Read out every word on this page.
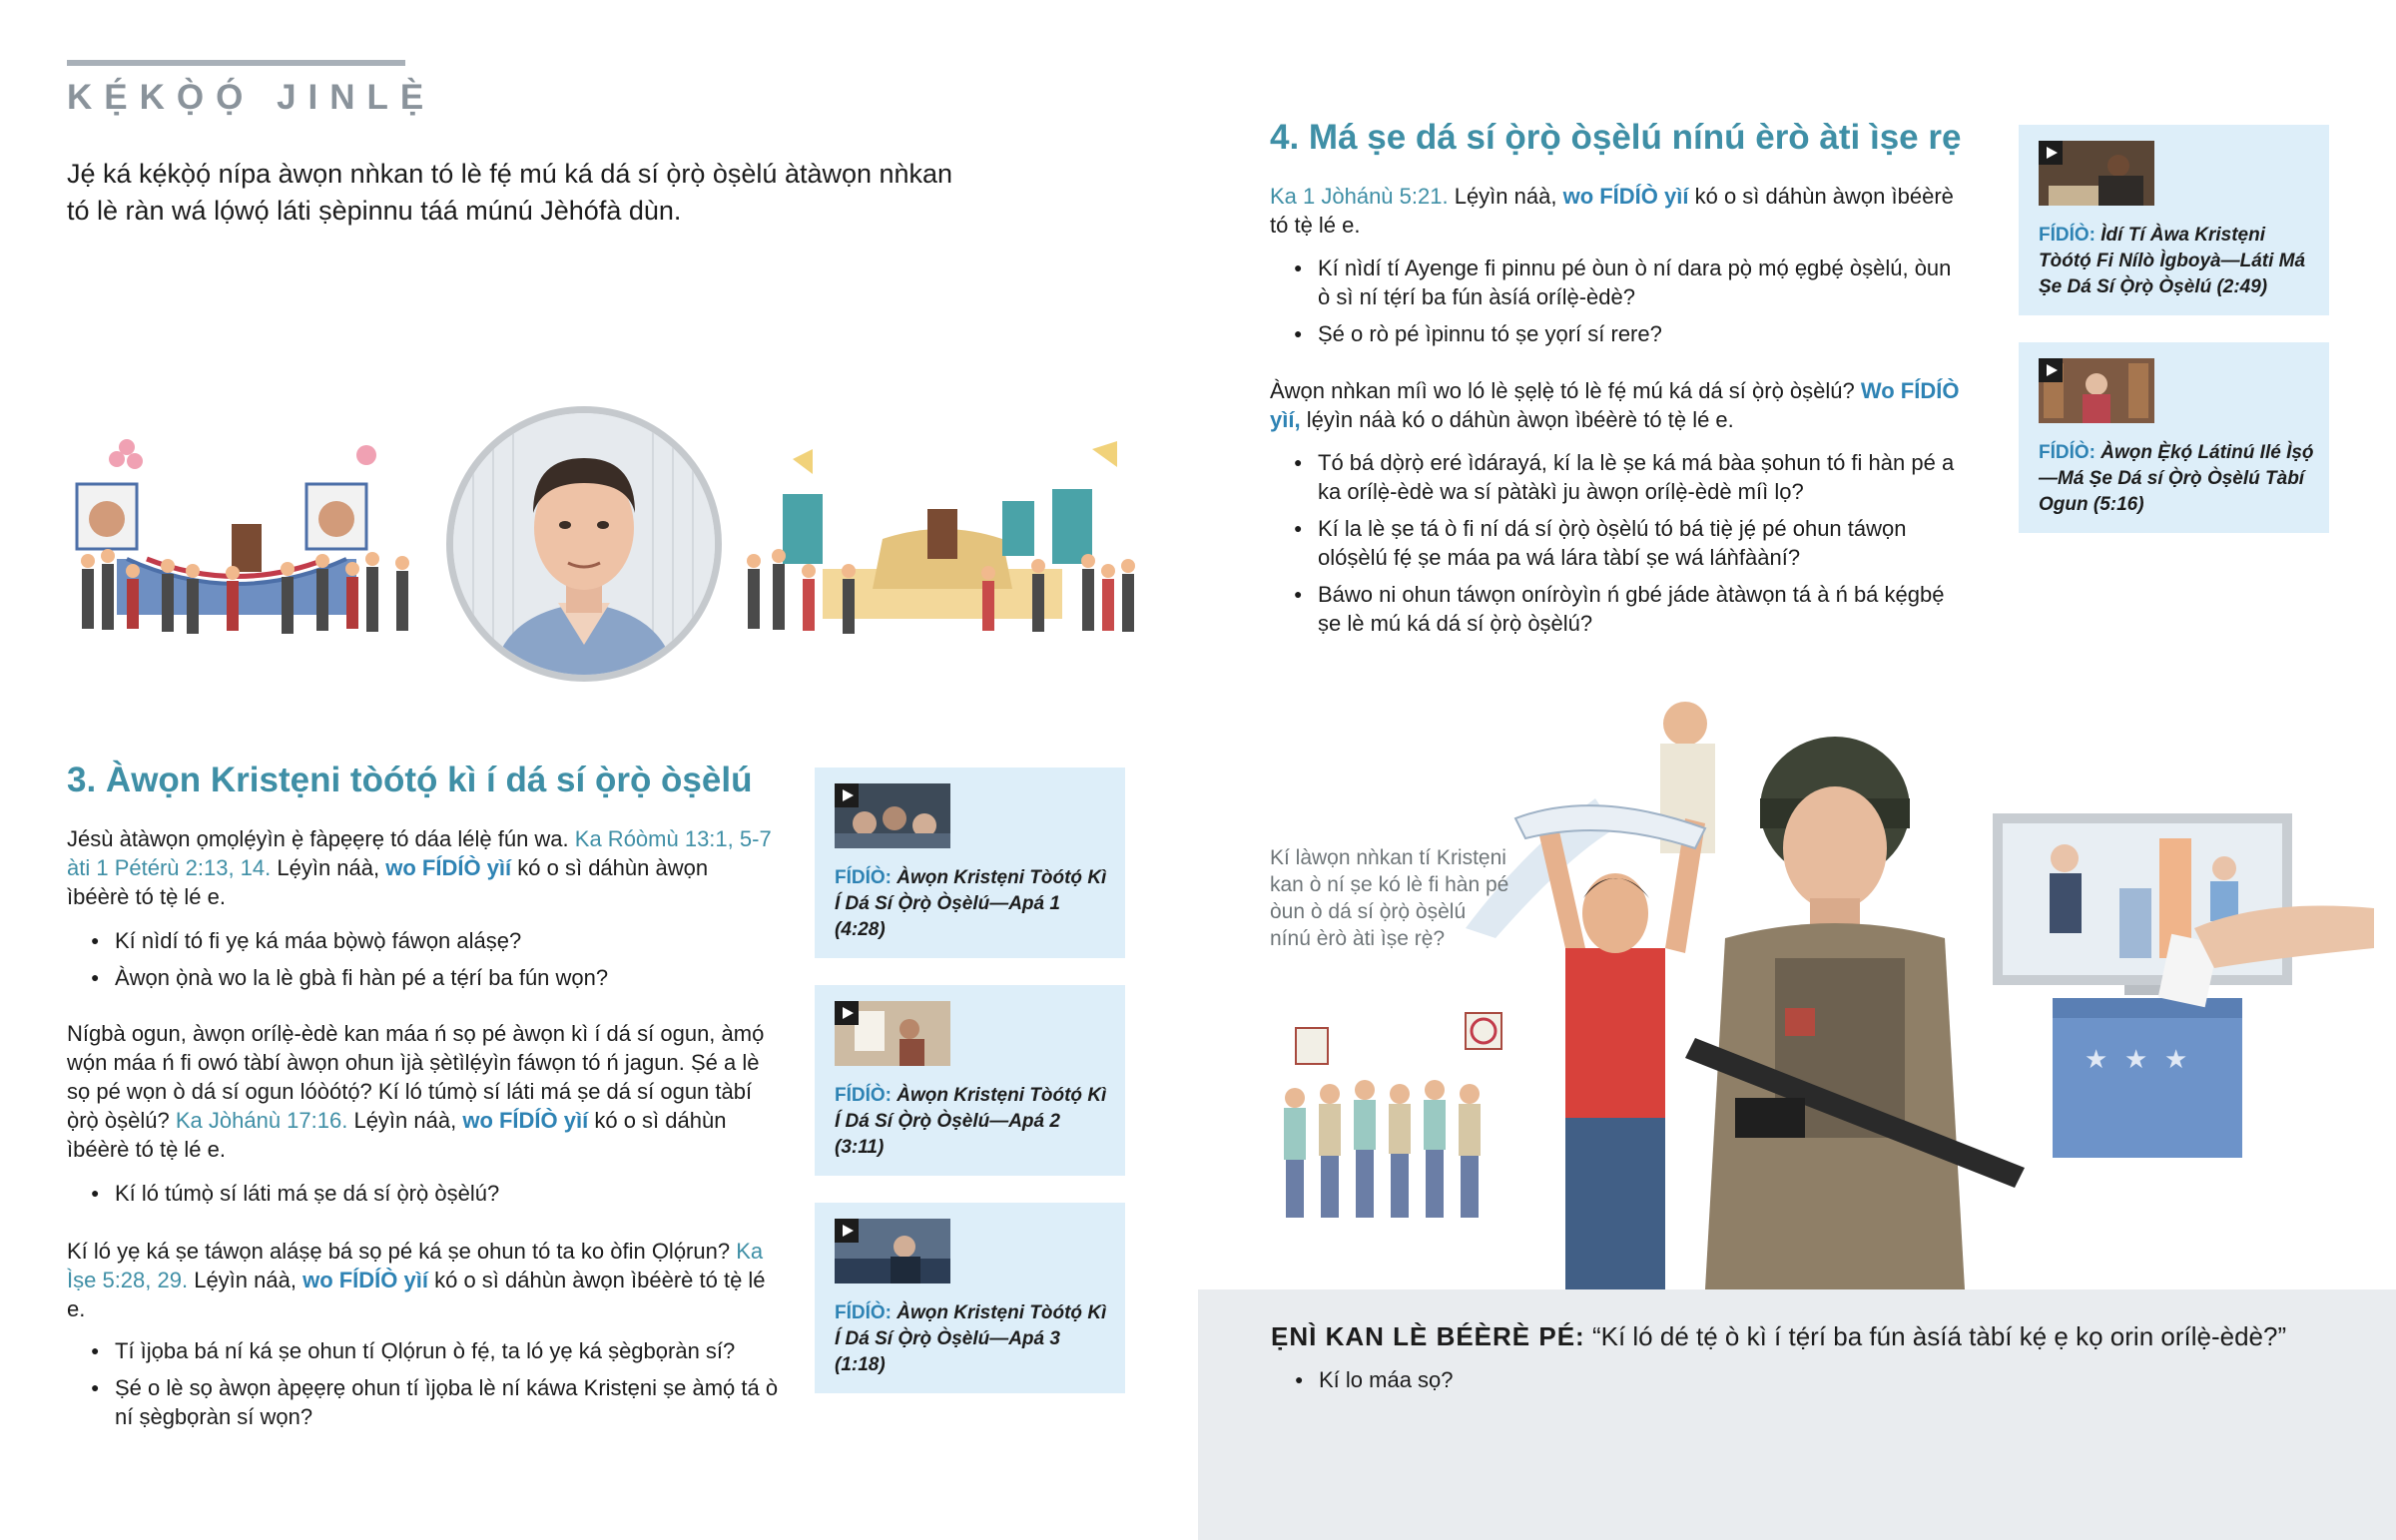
KẸ́KỌ̀Ọ́ JINLẸ̀
Jẹ́ ká kẹ́kọ̀ọ́ nípa àwọn nǹkan tó lè fẹ́ mú ká dá sí ọ̀rọ̀ òṣèlú àtàwọn nǹkan tó lè ràn wá lọ́wọ́ láti ṣèpinnu táá múnú Jèhófà dùn.
3. Àwọn Kristẹni tòótọ́ kì í dá sí ọ̀rọ̀ òṣèlú
Jésù àtàwọn ọmọlẹ́yìn ẹ̀ fàpẹẹrẹ tó dáa lélẹ̀ fún wa. Ka Róòmù 13:1, 5-7 àti 1 Pétérù 2:13, 14. Lẹ́yìn náà, wo FÍDÍÒ yìí kó o sì dáhùn àwọn ìbéèrè tó tẹ̀ lé e.
● Kí nìdí tó fi yẹ ká máa bọ̀wọ̀ fáwọn aláṣẹ?
● Àwọn ọ̀nà wo la lè gbà fi hàn pé a tẹ́rí ba fún wọn?
Nígbà ogun, àwọn orílẹ̀-èdè kan máa ń sọ pé àwọn kì í dá sí ogun, àmọ́ wọ́n máa ń fi owó tàbí àwọn ohun ìjà ṣètìlẹ́yìn fáwọn tó ń jagun. Ṣé a lè sọ pé wọn ò dá sí ogun lóòótọ́? Kí ló túmọ̀ sí láti má ṣe dá sí ogun tàbí ọ̀rọ̀ òṣèlú? Ka Jòhánù 17:16. Lẹ́yìn náà, wo FÍDÍÒ yìí kó o sì dáhùn ìbéèrè tó tẹ̀ lé e.
● Kí ló túmọ̀ sí láti má ṣe dá sí ọ̀rọ̀ òṣèlú?
Kí ló yẹ ká ṣe táwọn aláṣẹ bá sọ pé ká ṣe ohun tó ta ko òfin Ọlọ́run? Ka Ìṣe 5:28, 29. Lẹ́yìn náà, wo FÍDÍÒ yìí kó o sì dáhùn àwọn ìbéèrè tó tẹ̀ lé e.
● Tí ìjọba bá ní ká ṣe ohun tí Ọlọ́run ò fẹ́, ta ló yẹ ká ṣègbọràn sí?
● Ṣé o lè sọ àwọn àpẹẹrẹ ohun tí ìjọba lè ní káwa Kristẹni ṣe àmọ́ tá ò ní ṣègbọràn sí wọn?
FÍDÍÒ: Àwọn Kristẹni Tòótọ́ Kì Í Dá Sí Ọ̀rọ̀ Òṣèlú—Apá 1 (4:28)
FÍDÍÒ: Àwọn Kristẹni Tòótọ́ Kì Í Dá Sí Ọ̀rọ̀ Òṣèlú—Apá 2 (3:11)
FÍDÍÒ: Àwọn Kristẹni Tòótọ́ Kì Í Dá Sí Ọ̀rọ̀ Òṣèlú—Apá 3 (1:18)
4. Má ṣe dá sí ọ̀rọ̀ òṣèlú nínú èrò àti ìṣe rẹ
Ka 1 Jòhánù 5:21. Lẹ́yìn náà, wo FÍDÍÒ yìí kó o sì dáhùn àwọn ìbéèrè tó tẹ̀ lé e.
● Kí nìdí tí Ayenge fi pinnu pé òun ò ní dara pọ̀ mọ́ ẹgbẹ́ òṣèlú, òun ò sì ní tẹ́rí ba fún àsíá orílẹ̀-èdè?
● Ṣé o rò pé ìpinnu tó ṣe yọrí sí rere?
Àwọn nǹkan míì wo ló lè ṣẹlẹ̀ tó lè fẹ́ mú ká dá sí ọ̀rọ̀ òṣèlú? Wo FÍDÍÒ yìí, lẹ́yìn náà kó o dáhùn àwọn ìbéèrè tó tẹ̀ lé e.
● Tó bá dọ̀rọ̀ eré ìdárayá, kí la lè ṣe ká má bàa ṣohun tó fi hàn pé a ka orílẹ̀-èdè wa sí pàtàkì ju àwọn orílẹ̀-èdè míì lọ?
● Kí la lè ṣe tá ò fi ní dá sí ọ̀rọ̀ òṣèlú tó bá tiẹ̀ jẹ́ pé ohun táwọn olóṣèlú fẹ́ ṣe máa pa wá lára tàbí ṣe wá láǹfààní?
● Báwo ni ohun táwọn oníròyìn ń gbé jáde àtàwọn tá à ń bá kẹ́gbẹ́ ṣe lè mú ká dá sí ọ̀rọ̀ òṣèlú?
FÍDÍÒ: Ìdí Tí Àwa Kristẹni Tòótọ́ Fi Nílò Ìgboyà—Láti Má Ṣe Dá Sí Ọ̀rọ̀ Òṣèlú (2:49)
FÍDÍÒ: Àwọn Ẹ̀kọ́ Látinú Ilé Ìṣọ́—Má Ṣe Dá sí Ọ̀rọ̀ Òṣèlú Tàbí Ogun (5:16)
★ ★ ★
Kí làwọn nǹkan tí Kristẹni kan ò ní ṣe kó lè fi hàn pé òun ò dá sí ọ̀rọ̀ òṣèlú nínú èrò àti ìṣe rẹ̀?
ẸNÌ KAN LÈ BÉÈRÈ PÉ: “Kí ló dé tẹ́ ò kì í tẹ́rí ba fún àsíá tàbí kẹ́ ẹ kọ orin orílẹ̀-èdè?”
● Kí lo máa sọ?
